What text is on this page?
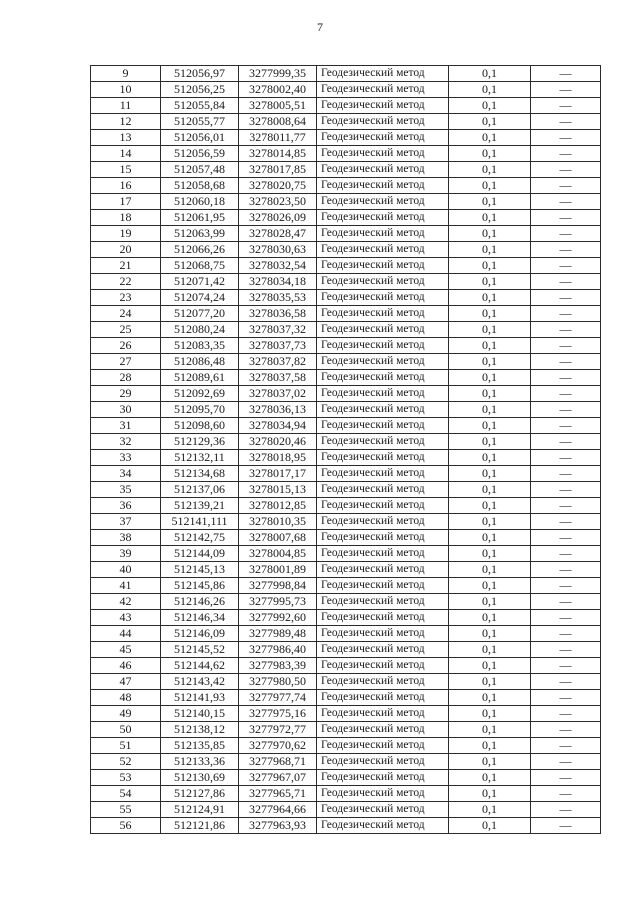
7
9	512056,97	3277999,35	Геодезический метод	0,1	—
10	512056,25	3278002,40	Геодезический метод	0,1	—
11	512055,84	3278005,51	Геодезический метод	0,1	—
12	512055,77	3278008,64	Геодезический метод	0,1	—
13	512056,01	3278011,77	Геодезический метод	0,1	—
14	512056,59	3278014,85	Геодезический метод	0,1	—
15	512057,48	3278017,85	Геодезический метод	0,1	—
16	512058,68	3278020,75	Геодезический метод	0,1	—
17	512060,18	3278023,50	Геодезический метод	0,1	—
18	512061,95	3278026,09	Геодезический метод	0,1	—
19	512063,99	3278028,47	Геодезический метод	0,1	—
20	512066,26	3278030,63	Геодезический метод	0,1	—
21	512068,75	3278032,54	Геодезический метод	0,1	—
22	512071,42	3278034,18	Геодезический метод	0,1	—
23	512074,24	3278035,53	Геодезический метод	0,1	—
24	512077,20	3278036,58	Геодезический метод	0,1	—
25	512080,24	3278037,32	Геодезический метод	0,1	—
26	512083,35	3278037,73	Геодезический метод	0,1	—
27	512086,48	3278037,82	Геодезический метод	0,1	—
28	512089,61	3278037,58	Геодезический метод	0,1	—
29	512092,69	3278037,02	Геодезический метод	0,1	—
30	512095,70	3278036,13	Геодезический метод	0,1	—
31	512098,60	3278034,94	Геодезический метод	0,1	—
32	512129,36	3278020,46	Геодезический метод	0,1	—
33	512132,11	3278018,95	Геодезический метод	0,1	—
34	512134,68	3278017,17	Геодезический метод	0,1	—
35	512137,06	3278015,13	Геодезический метод	0,1	—
36	512139,21	3278012,85	Геодезический метод	0,1	—
37	512141,111	3278010,35	Геодезический метод	0,1	—
38	512142,75	3278007,68	Геодезический метод	0,1	—
39	512144,09	3278004,85	Геодезический метод	0,1	—
40	512145,13	3278001,89	Геодезический метод	0,1	—
41	512145,86	3277998,84	Геодезический метод	0,1	—
42	512146,26	3277995,73	Геодезический метод	0,1	—
43	512146,34	3277992,60	Геодезический метод	0,1	—
44	512146,09	3277989,48	Геодезический метод	0,1	—
45	512145,52	3277986,40	Геодезический метод	0,1	—
46	512144,62	3277983,39	Геодезический метод	0,1	—
47	512143,42	3277980,50	Геодезический метод	0,1	—
48	512141,93	3277977,74	Геодезический метод	0,1	—
49	512140,15	3277975,16	Геодезический метод	0,1	—
50	512138,12	3277972,77	Геодезический метод	0,1	—
51	512135,85	3277970,62	Геодезический метод	0,1	—
52	512133,36	3277968,71	Геодезический метод	0,1	—
53	512130,69	3277967,07	Геодезический метод	0,1	—
54	512127,86	3277965,71	Геодезический метод	0,1	—
55	512124,91	3277964,66	Геодезический метод	0,1	—
56	512121,86	3277963,93	Геодезический метод	0,1	—
